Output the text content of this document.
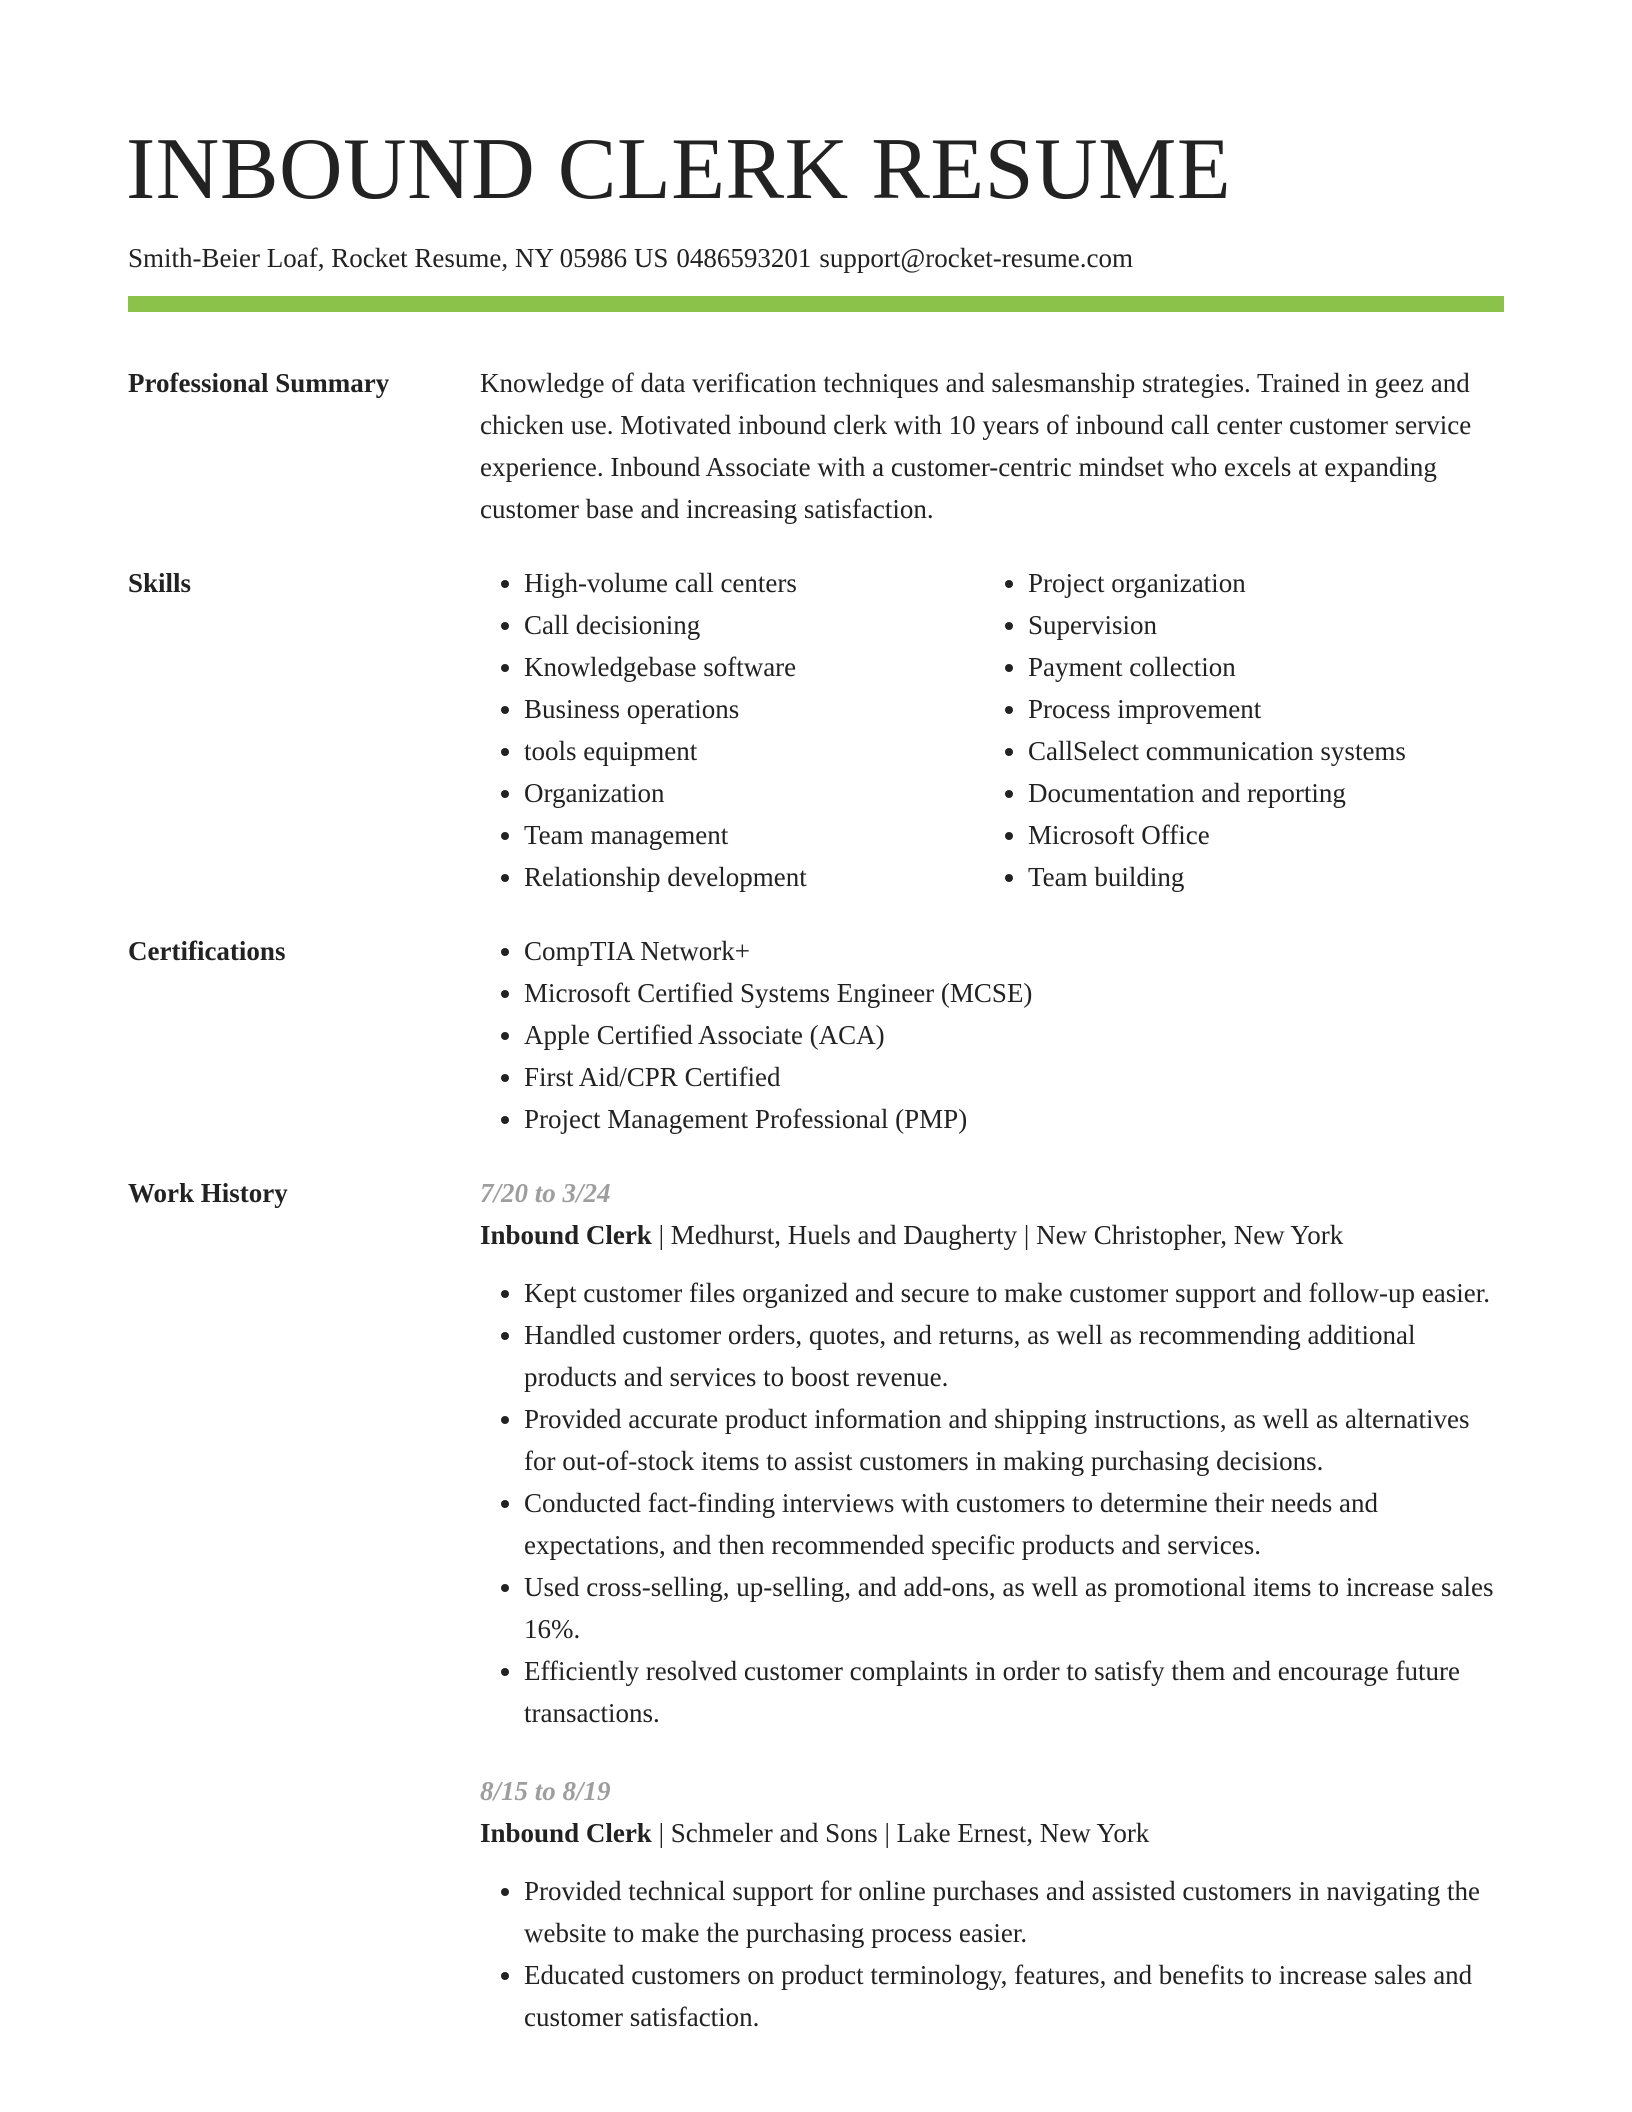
INBOUND CLERK RESUME
Smith-Beier Loaf, Rocket Resume, NY 05986 US 0486593201 support@rocket-resume.com
Professional Summary	Knowledge of data verification techniques and salesmanship strategies. Trained in geez and chicken use. Motivated inbound clerk with 10 years of inbound call center customer service experience. Inbound Associate with a customer-centric mindset who excels at expanding customer base and increasing satisfaction.

Skills	• High-volume call centers
• Call decisioning
• Knowledgebase software
• Business operations
• tools equipment
• Organization
• Team management
• Relationship development
• Project organization
• Supervision
• Payment collection
• Process improvement
• CallSelect communication systems
• Documentation and reporting
• Microsoft Office
• Team building
Certifications	• CompTIA Network+
• Microsoft Certified Systems Engineer (MCSE)
• Apple Certified Associate (ACA)
• First Aid/CPR Certified
• Project Management Professional (PMP)
Work History	7/20 to 3/24
Inbound Clerk | Medhurst, Huels and Daugherty | New Christopher, New York
• Kept customer files organized and secure to make customer support and follow-up easier.
• Handled customer orders, quotes, and returns, as well as recommending additional products and services to boost revenue.
• Provided accurate product information and shipping instructions, as well as alternatives for out-of-stock items to assist customers in making purchasing decisions.
• Conducted fact-finding interviews with customers to determine their needs and expectations, and then recommended specific products and services.
• Used cross-selling, up-selling, and add-ons, as well as promotional items to increase sales 16%.
• Efficiently resolved customer complaints in order to satisfy them and encourage future transactions.
8/15 to 8/19
Inbound Clerk | Schmeler and Sons | Lake Ernest, New York
• Provided technical support for online purchases and assisted customers in navigating the website to make the purchasing process easier.
• Educated customers on product terminology, features, and benefits to increase sales and customer satisfaction.
